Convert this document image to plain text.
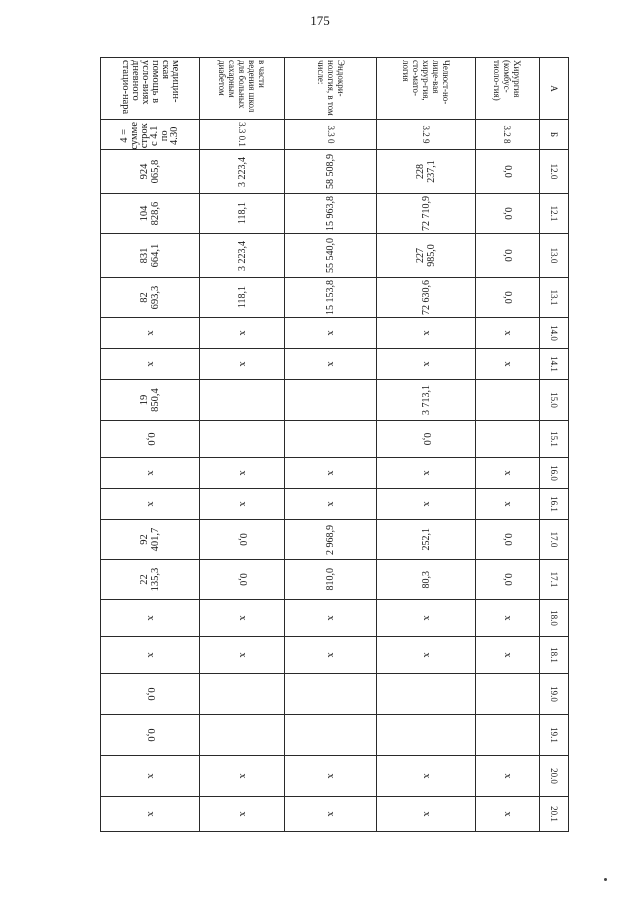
175
А	Б	12.0	12.1	13.0	13.1	14.0	14.1	15.0	15.1	16.0	16.1	17.0	17.1	18.0	18.1	19.0	19.1	20.0	20.1
Хирургия (комбус-тиоло-гия)	3.2 8	0,0	0,0	0,0	0,0	х	х			х	х	0,0	0,0	х	х			х	х
Челюст-но-лице-вая хирур-гия, сто-мато-логия	3.2 9	228 237,1	72 710,9	227 985,0	72 630,6	х	х	3 713,1	0,0	х	х	252,1	80,3	х	х			х	х
Эндокри-нология, в том числе:	3.3 0	58 508,9	15 963,8	55 540,0	15 153,8	х	х			х	х	2 968,9	810,0	х	х			х	х
в части ведения школ для больных сахарным диабетом	3.3 0.1	3 223,4	118,1	3 223,4	118,1	х	х			х	х	0,0	0,0	х	х			х	х
медицин-ская помощь в усло-виях дневного стацио-нара	4 = сумме строк с 4.1 по 4.30	924 065,8	104 828,6	831 664,1	82 693,3	х	х	19 850,4	0,0	х	х	92 401,7	22 135,3	х	х	0,0	0,0	х	х
